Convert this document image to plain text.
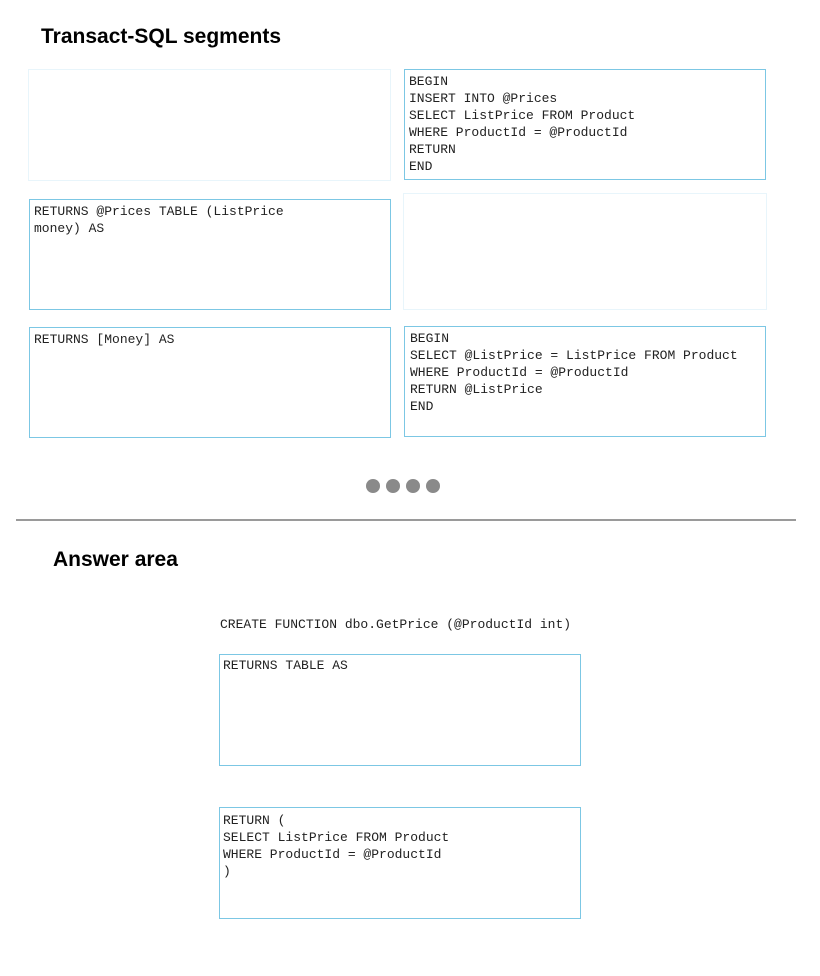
Transact-SQL segments
BEGIN
INSERT INTO @Prices
SELECT ListPrice FROM Product
WHERE ProductId = @ProductId
RETURN
END
RETURNS @Prices TABLE (ListPrice
money) AS
RETURNS [Money] AS	BEGIN
SELECT @ListPrice = ListPrice FROM Product
WHERE ProductId = @ProductId
RETURN @ListPrice
END
Answer area
CREATE FUNCTION dbo.GetPrice (@ProductId int)
RETURNS TABLE AS
RETURN (
SELECT ListPrice FROM Product
WHERE ProductId = @ProductId
)
